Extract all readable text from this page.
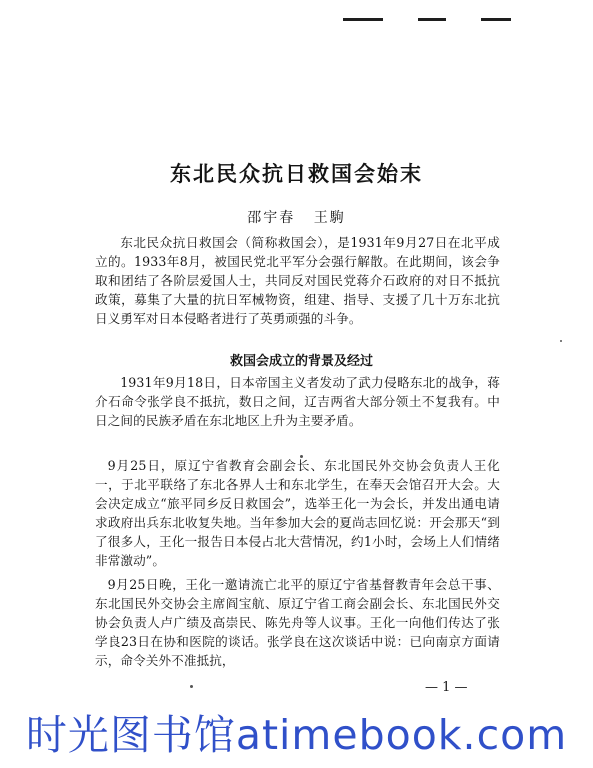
东北民众抗日救国会始末

邵宇春 王駒

东北民众抗日救国会（简称救国会），是1931年9月27日在北平成立的。1933年8月，被国民党北平军分会强行解散。在此期间，该会争取和团结了各阶层爱国人士，共同反对国民党蒋介石政府的对日不抵抗政策，募集了大量的抗日军械物资，组建、指导、支援了几十万东北抗日义勇军对日本侵略者进行了英勇顽强的斗争。

救国会成立的背景及经过

1931年9月18日，日本帝国主义者发动了武力侵略东北的战争，蒋介石命令张学良不抵抗，数日之间，辽吉两省大部分领土不复我有。中日之间的民族矛盾在东北地区上升为主要矛盾。

9月25日，原辽宁省教育会副会长、东北国民外交协会负责人王化一，于北平联络了东北各界人士和东北学生，在奉天会馆召开大会。大会决定成立“旅平同乡反日救国会”，选举王化一为会长，并发出通电请求政府出兵东北收复失地。当年参加大会的夏尚志回忆说：开会那天“到了很多人，王化一报告日本侵占北大营情况，约1小时，会场上人们情绪非常激动”。

9月25日晚，王化一邀请流亡北平的原辽宁省基督教青年会总干事、东北国民外交协会主席阎宝航、原辽宁省工商会副会长、东北国民外交协会负责人卢广绩及高崇民、陈先舟等人议事。王化一向他们传达了张学良23日在协和医院的谈话。张学良在这次谈话中说：已向南京方面请示，命令关外不准抵抗，

— 1 —

时光图书馆atimebook.com
